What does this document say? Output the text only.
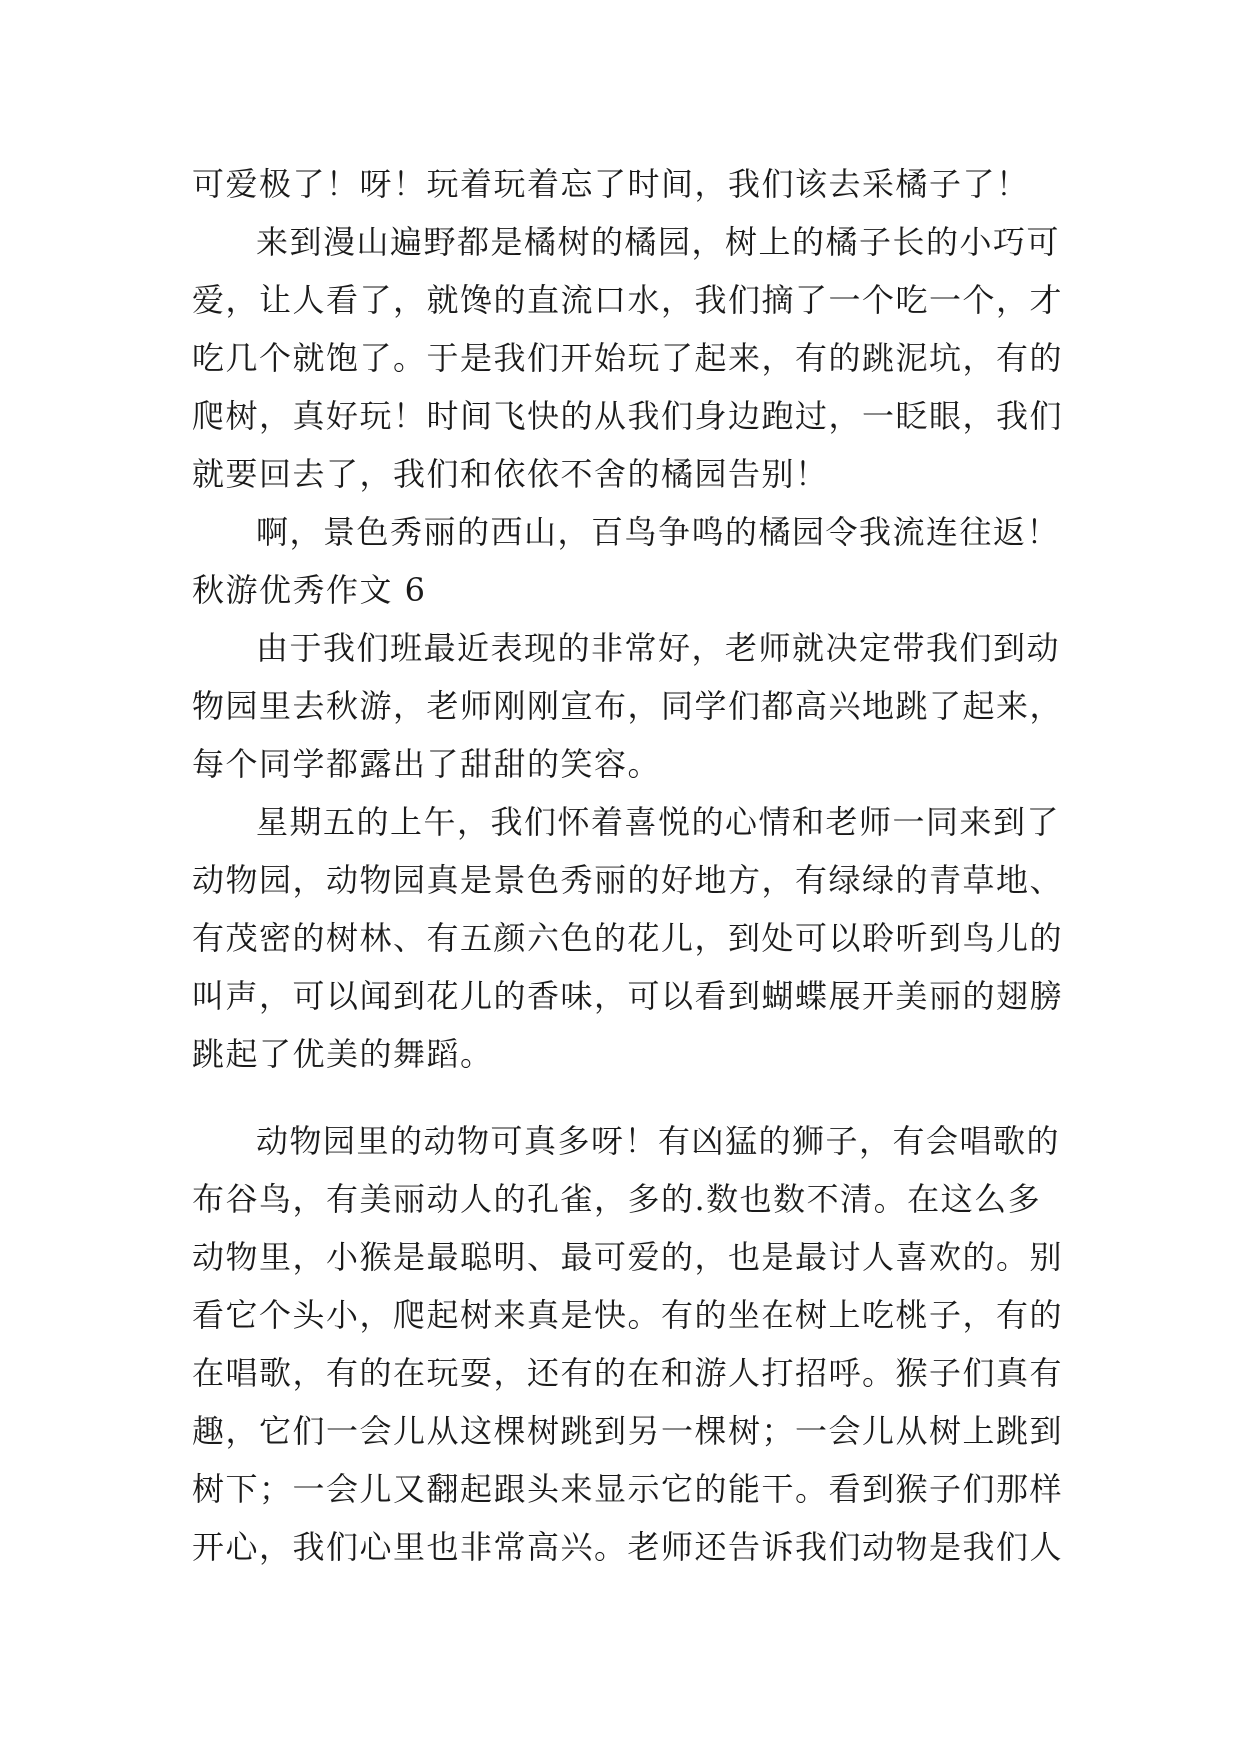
可爱极了！呀！玩着玩着忘了时间，我们该去采橘子了！
来到漫山遍野都是橘树的橘园，树上的橘子长的小巧可
爱，让人看了，就馋的直流口水，我们摘了一个吃一个，才
吃几个就饱了。于是我们开始玩了起来，有的跳泥坑，有的
爬树，真好玩！时间飞快的从我们身边跑过，一眨眼，我们
就要回去了，我们和依依不舍的橘园告别！
啊，景色秀丽的西山，百鸟争鸣的橘园令我流连往返！
秋游优秀作文 6
由于我们班最近表现的非常好，老师就决定带我们到动
物园里去秋游，老师刚刚宣布，同学们都高兴地跳了起来，
每个同学都露出了甜甜的笑容。
星期五的上午，我们怀着喜悦的心情和老师一同来到了
动物园，动物园真是景色秀丽的好地方，有绿绿的青草地、
有茂密的树林、有五颜六色的花儿，到处可以聆听到鸟儿的
叫声，可以闻到花儿的香味，可以看到蝴蝶展开美丽的翅膀
跳起了优美的舞蹈。
动物园里的动物可真多呀！有凶猛的狮子，有会唱歌的
布谷鸟，有美丽动人的孔雀，多的.数也数不清。在这么多
动物里，小猴是最聪明、最可爱的，也是最讨人喜欢的。别
看它个头小，爬起树来真是快。有的坐在树上吃桃子，有的
在唱歌，有的在玩耍，还有的在和游人打招呼。猴子们真有
趣，它们一会儿从这棵树跳到另一棵树；一会儿从树上跳到
树下；一会儿又翻起跟头来显示它的能干。看到猴子们那样
开心，我们心里也非常高兴。老师还告诉我们动物是我们人
